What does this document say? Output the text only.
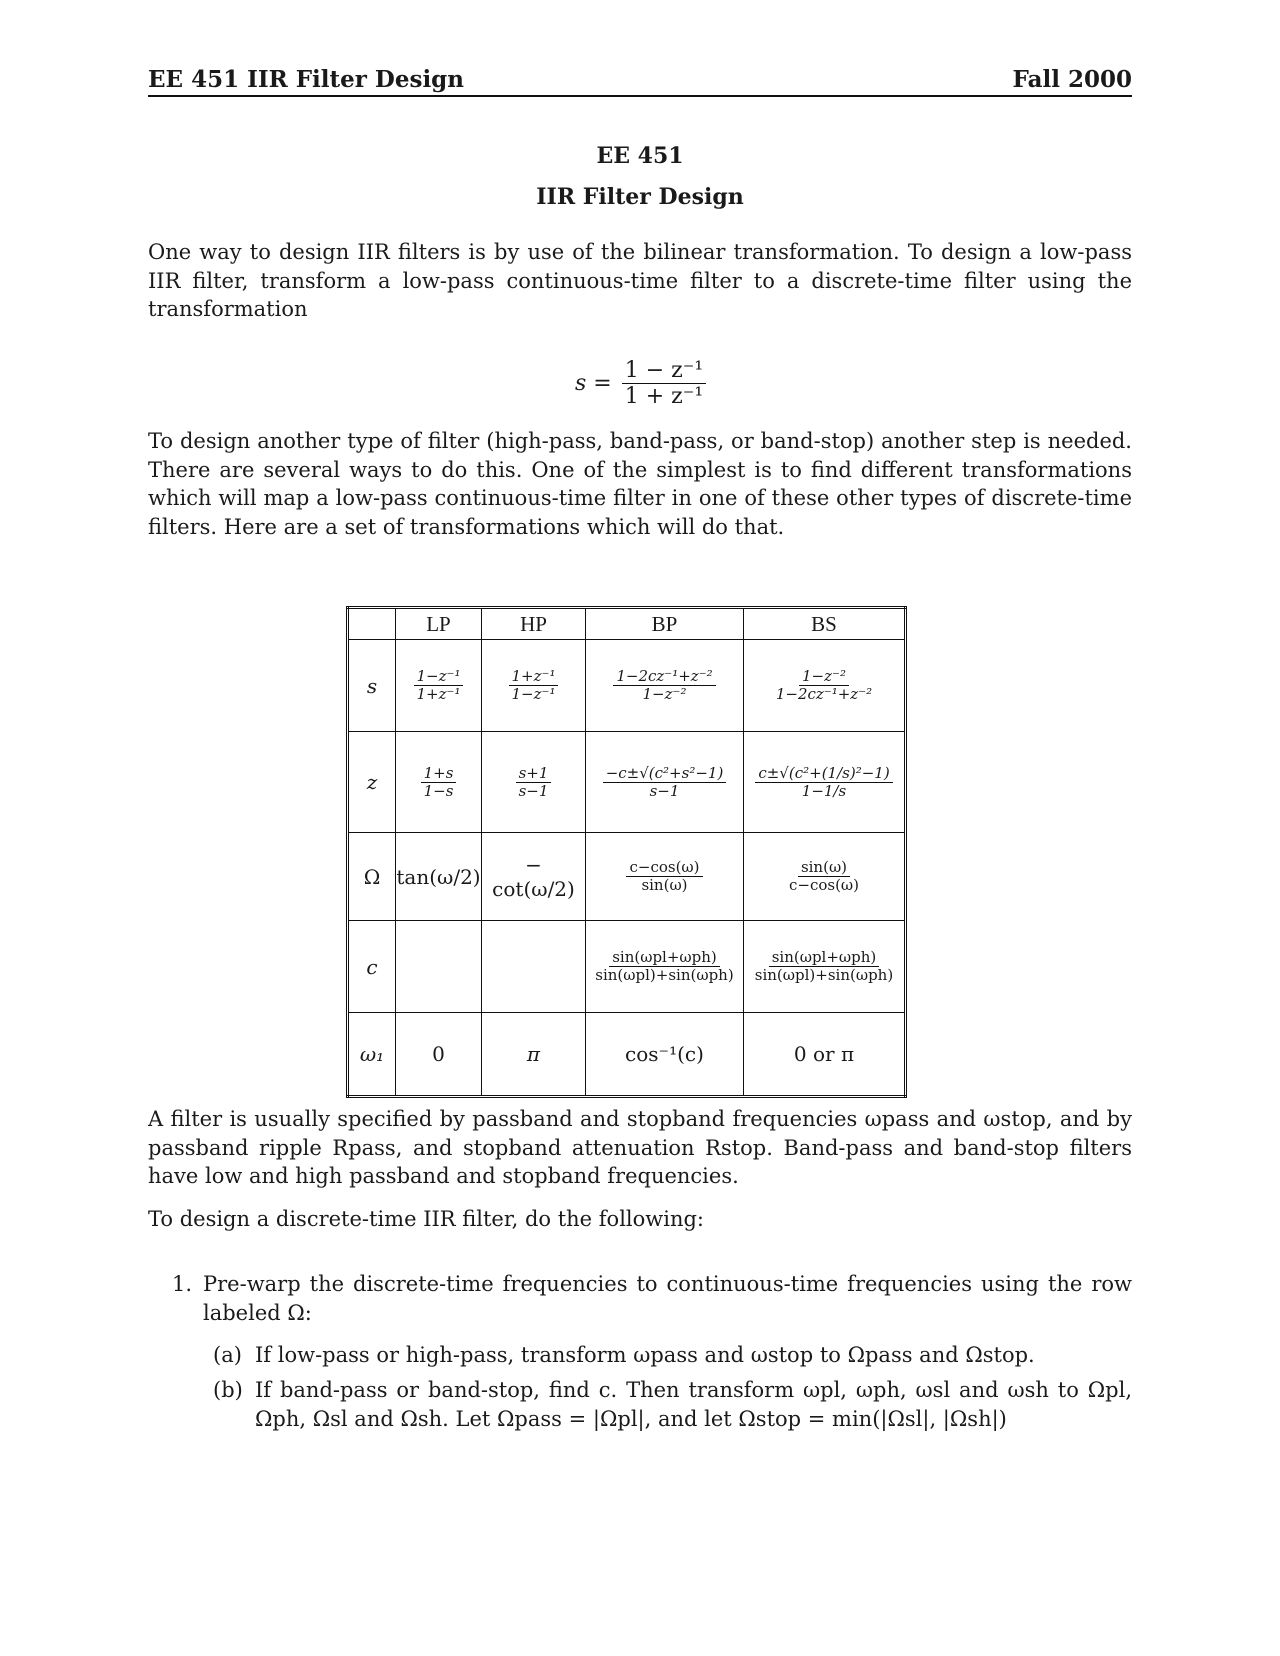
EE 451 IIR Filter Design	Fall 2000
EE 451
IIR Filter Design

One way to design IIR filters is by use of the bilinear transformation. To design a low-pass IIR filter, transform a low-pass continuous-time filter to a discrete-time filter using the transformation

$s = \frac{\text{1 − z⁻¹}}{\text{1 + z⁻¹}}$

To design another type of filter (high-pass, band-pass, or band-stop) another step is needed. There are several ways to do this. One of the simplest is to find different transformations which will map a low-pass continuous-time filter in one of these other types of discrete-time filters. Here are a set of transformations which will do that.

	LP	HP	BP	BS
s	$\frac{\text{1−z⁻¹}}{\text{1+z⁻¹}}$	$\frac{\text{1+z⁻¹}}{\text{1−z⁻¹}}$	$\frac{\text{1−2cz⁻¹+z⁻²}}{\text{1−z⁻²}}$	$\frac{\text{1−z⁻²}}{\text{1−2cz⁻¹+z⁻²}}$

z	$\frac{1+s}{1-s}$	$\frac{s+1}{s-1}$	$\frac{\text{−c±√(c²+s²−1)}}{s-1}$	$\frac{\text{c±√(c²+(1/s)²−1)}}{1-1/s}$

Ω	tan(ω/2)	− cot(ω/2)	$\frac{c-\cos(\omega)}{\sin(\omega)}$	$\frac{\sin(\omega)}{c-\cos(\omega)}$

c			$\frac{\text{sin(ωpl+ωph)}}{\text{sin(ωpl)+sin(ωph)}}$	$\frac{\text{sin(ωpl+ωph)}}{\text{sin(ωpl)+sin(ωph)}}$

ω₁	0	π	cos⁻¹(c)	0 or π

A filter is usually specified by passband and stopband frequencies ωpass and ωstop, and by passband ripple Rpass, and stopband attenuation Rstop. Band-pass and band-stop filters have low and high passband and stopband frequencies.

To design a discrete-time IIR filter, do the following:

1. Pre-warp the discrete-time frequencies to continuous-time frequencies using the row labeled Ω:
(a) If low-pass or high-pass, transform ωpass and ωstop to Ωpass and Ωstop.
(b) If band-pass or band-stop, find c. Then transform ωpl, ωph, ωsl and ωsh to Ωpl, Ωph, Ωsl and Ωsh. Let Ωpass = |Ωpl|, and let Ωstop = min(|Ωsl|, |Ωsh|)
